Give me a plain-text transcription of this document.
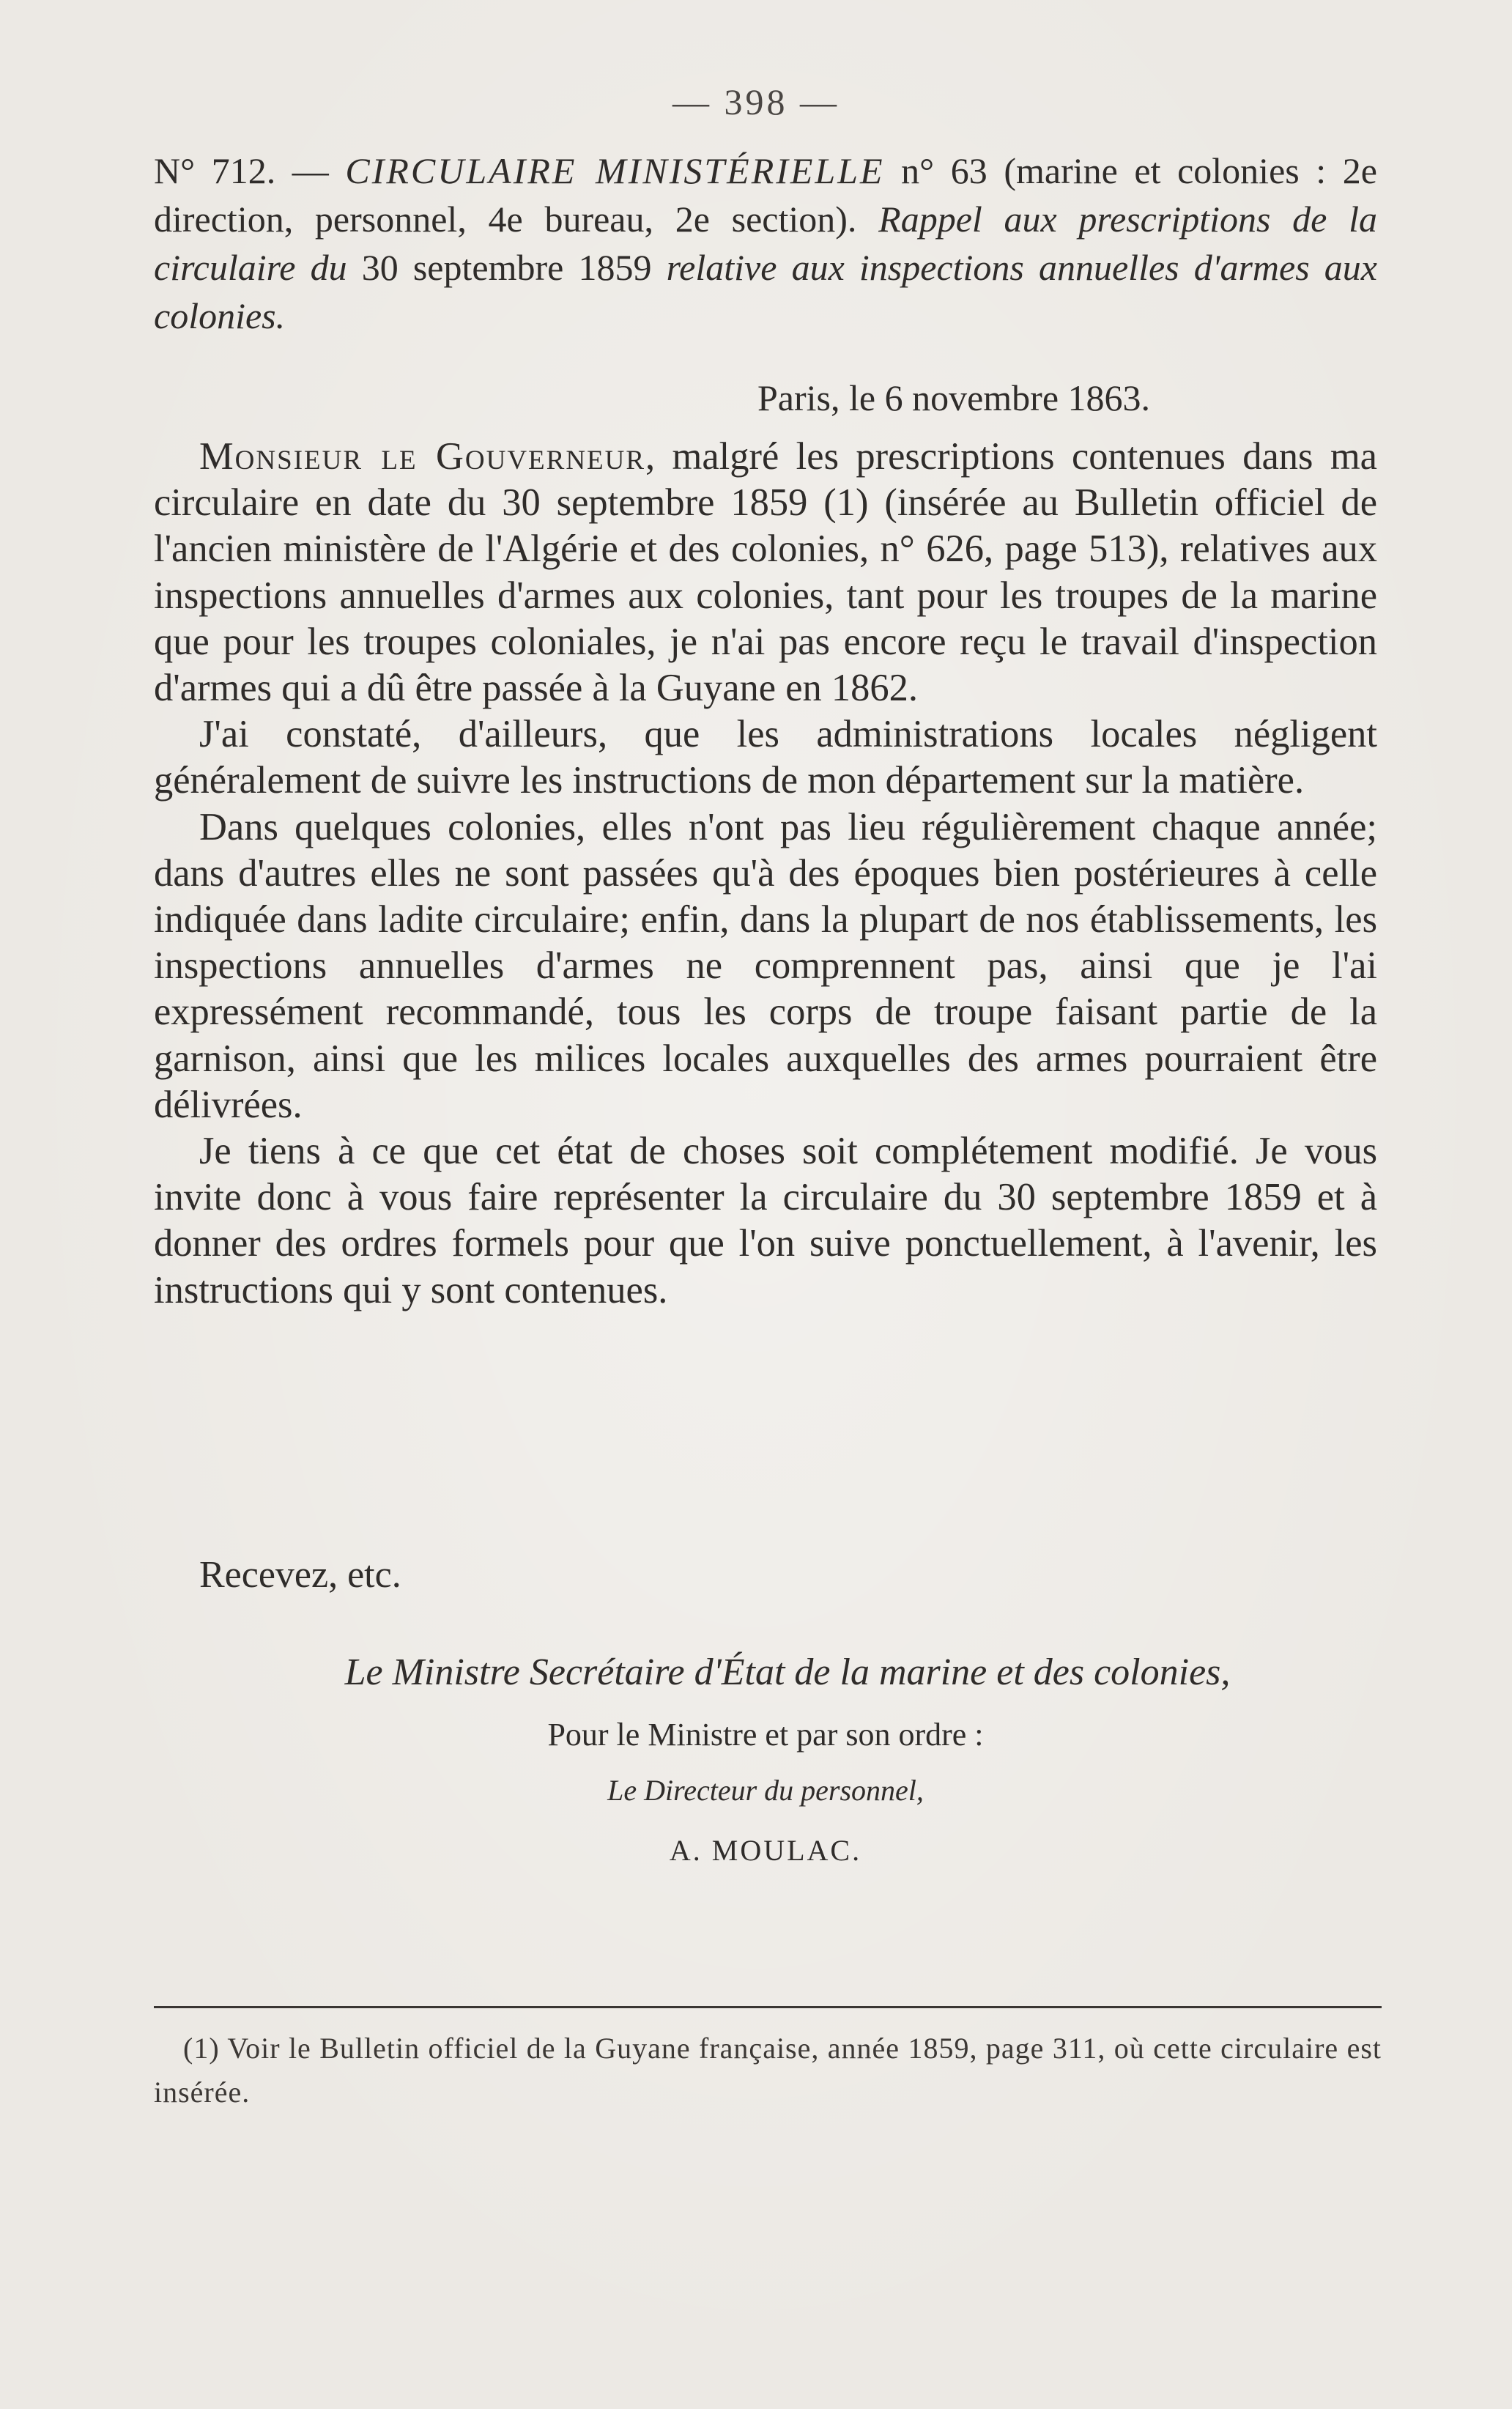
— 398 —
N° 712. — CIRCULAIRE MINISTÉRIELLE n° 63 (marine et colonies : 2e direction, personnel, 4e bureau, 2e section). Rappel aux prescriptions de la circulaire du 30 septembre 1859 relative aux inspections annuelles d'armes aux colonies.
Paris, le 6 novembre 1863.

Monsieur le Gouverneur, malgré les prescriptions contenues dans ma circulaire en date du 30 septembre 1859 (1) (insérée au Bulletin officiel de l'ancien ministère de l'Algérie et des colonies, n° 626, page 513), relatives aux inspections annuelles d'armes aux colonies, tant pour les troupes de la marine que pour les troupes coloniales, je n'ai pas encore reçu le travail d'inspection d'armes qui a dû être passée à la Guyane en 1862.

J'ai constaté, d'ailleurs, que les administrations locales négligent généralement de suivre les instructions de mon département sur la matière.

Dans quelques colonies, elles n'ont pas lieu régulièrement chaque année; dans d'autres elles ne sont passées qu'à des époques bien postérieures à celle indiquée dans ladite circulaire; enfin, dans la plupart de nos établissements, les inspections annuelles d'armes ne comprennent pas, ainsi que je l'ai expressément recommandé, tous les corps de troupe faisant partie de la garnison, ainsi que les milices locales auxquelles des armes pourraient être délivrées.

Je tiens à ce que cet état de choses soit complétement modifié. Je vous invite donc à vous faire représenter la circulaire du 30 septembre 1859 et à donner des ordres formels pour que l'on suive ponctuellement, à l'avenir, les instructions qui y sont contenues.

Recevez, etc.
Le Ministre Secrétaire d'État de la marine et des colonies,
Pour le Ministre et par son ordre :
Le Directeur du personnel,
A. MOULAC.
(1) Voir le Bulletin officiel de la Guyane française, année 1859, page 311, où cette circulaire est insérée.
